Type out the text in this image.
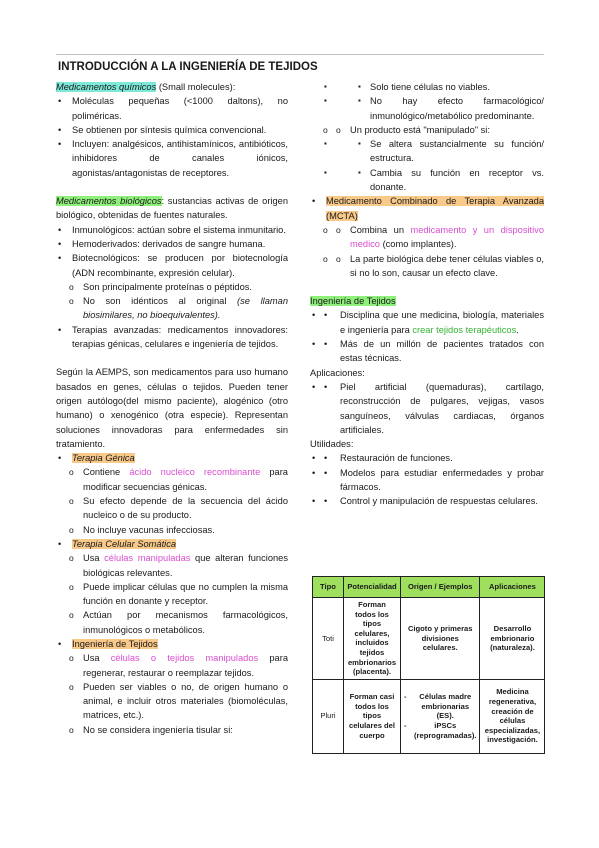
INTRODUCCIÓN A LA INGENIERÍA DE TEJIDOS

Medicamentos químicos (Small molecules):

• Moléculas pequeñas (<1000 daltons), no poliméricas.
• Se obtienen por síntesis química convencional.
• Incluyen: analgésicos, antihistamínicos, antibióticos, inhibidores de canales iónicos, agonistas/antagonistas de receptores.

Medicamentos biológicos: sustancias activas de origen biológico, obtenidas de fuentes naturales.

• Inmunológicos: actúan sobre el sistema inmunitario.
• Hemoderivados: derivados de sangre humana.
• Biotecnológicos: se producen por biotecnología (ADN recombinante, expresión celular).
o Son principalmente proteínas o péptidos.
o No son idénticos al original (se llaman biosimilares, no bioequivalentes).
• Terapias avanzadas: medicamentos innovadores: terapias génicas, celulares e ingeniería de tejidos.

Según la AEMPS, son medicamentos para uso humano basados en genes, células o tejidos. Pueden tener origen autólogo(del mismo paciente), alogénico (otro humano) o xenogénico (otra especie). Representan soluciones innovadoras para enfermedades sin tratamiento.

• Terapia Génica
o Contiene ácido nucleico recombinante para modificar secuencias génicas.
o Su efecto depende de la secuencia del ácido nucleico o de su producto.
o No incluye vacunas infecciosas.
• Terapia Celular Somática
o Usa células manipuladas que alteran funciones biológicas relevantes.
o Puede implicar células que no cumplen la misma función en donante y receptor.
o Actúan por mecanismos farmacológicos, inmunológicos o metabólicos.
• Ingeniería de Tejidos
o Usa células o tejidos manipulados para regenerar, restaurar o reemplazar tejidos.
o Pueden ser viables o no, de origen humano o animal, e incluir otros materiales (biomoléculas, matrices, etc.).
o No se considera ingeniería tisular si:
▪ ▪ Solo tiene células no viables.
▪ ▪ No hay efecto farmacológico/ inmunológico/metabólico predominante.
o o Un producto está "manipulado" si:
▪ ▪ Se altera sustancialmente su función/ estructura.
▪ ▪ Cambia su función en receptor vs. donante.
• Medicamento Combinado de Terapia Avanzada (MCTA)
o o Combina un medicamento y un dispositivo medico (como implantes).
o o La parte biológica debe tener células viables o, si no lo son, causar un efecto clave.

Ingeniería de Tejidos

• • Disciplina que une medicina, biología, materiales e ingeniería para crear tejidos terapéuticos.
• • Más de un millón de pacientes tratados con estas técnicas.

Aplicaciones:

• • Piel artificial (quemaduras), cartílago, reconstrucción de pulgares, vejigas, vasos sanguíneos, válvulas cardiacas, órganos artificiales.

Utilidades:

• • Restauración de funciones.
• • Modelos para estudiar enfermedades y probar fármacos.
• • Control y manipulación de respuestas celulares.
Tipo	Potencialidad	Origen / Ejemplos	Aplicaciones
Toti	Forman todos los tipos celulares, incluidos tejidos embrionarios (placenta).	Cigoto y primeras divisiones celulares.	Desarrollo embrionario (naturaleza).
Pluri	Forman casi todos los tipos celulares del cuerpo	- Células madre embrionarias (ES).
- iPSCs (reprogramadas).	Medicina regenerativa, creación de células especializadas, investigación.
